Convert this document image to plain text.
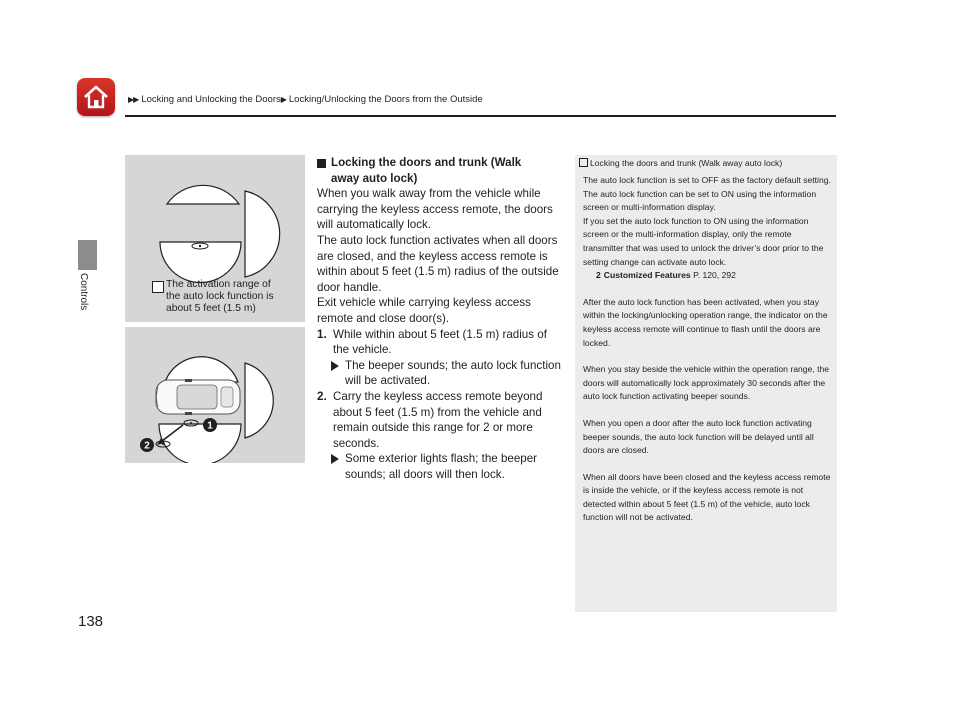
▶▶ Locking and Unlocking the Doors▶ Locking/Unlocking the Doors from the Outside
Controls	The activation range of
the auto lock function is
about 5 feet (1.5 m)
1
2
Locking the doors and trunk (Walk
away auto lock)

When you walk away from the vehicle while carrying the keyless access remote, the doors will automatically lock.

The auto lock function activates when all doors are closed, and the keyless access remote is within about 5 feet (1.5 m) radius of the outside door handle.

Exit vehicle while carrying keyless access remote and close door(s).

1. While within about 5 feet (1.5 m) radius of the vehicle.
The beeper sounds; the auto lock function will be activated.
2. Carry the keyless access remote beyond about 5 feet (1.5 m) from the vehicle and remain outside this range for 2 or more seconds.
Some exterior lights flash; the beeper sounds; all doors will then lock.
Locking the doors and trunk (Walk away auto lock)

The auto lock function is set to OFF as the factory default setting. The auto lock function can be set to ON using the information screen or multi-information display.

If you set the auto lock function to ON using the information screen or the multi-information display, only the remote transmitter that was used to unlock the driver’s door prior to the setting change can activate auto lock.

2 Customized Features P. 120, 292

After the auto lock function has been activated, when you stay within the locking/unlocking operation range, the indicator on the keyless access remote will continue to flash until the doors are locked.

When you stay beside the vehicle within the operation range, the doors will automatically lock approximately 30 seconds after the auto lock function activating beeper sounds.

When you open a door after the auto lock function activating beeper sounds, the auto lock function will be delayed until all doors are closed.

When all doors have been closed and the keyless access remote is inside the vehicle, or if the keyless access remote is not detected within about 5 feet (1.5 m) of the vehicle, auto lock function will not be activated.

138
